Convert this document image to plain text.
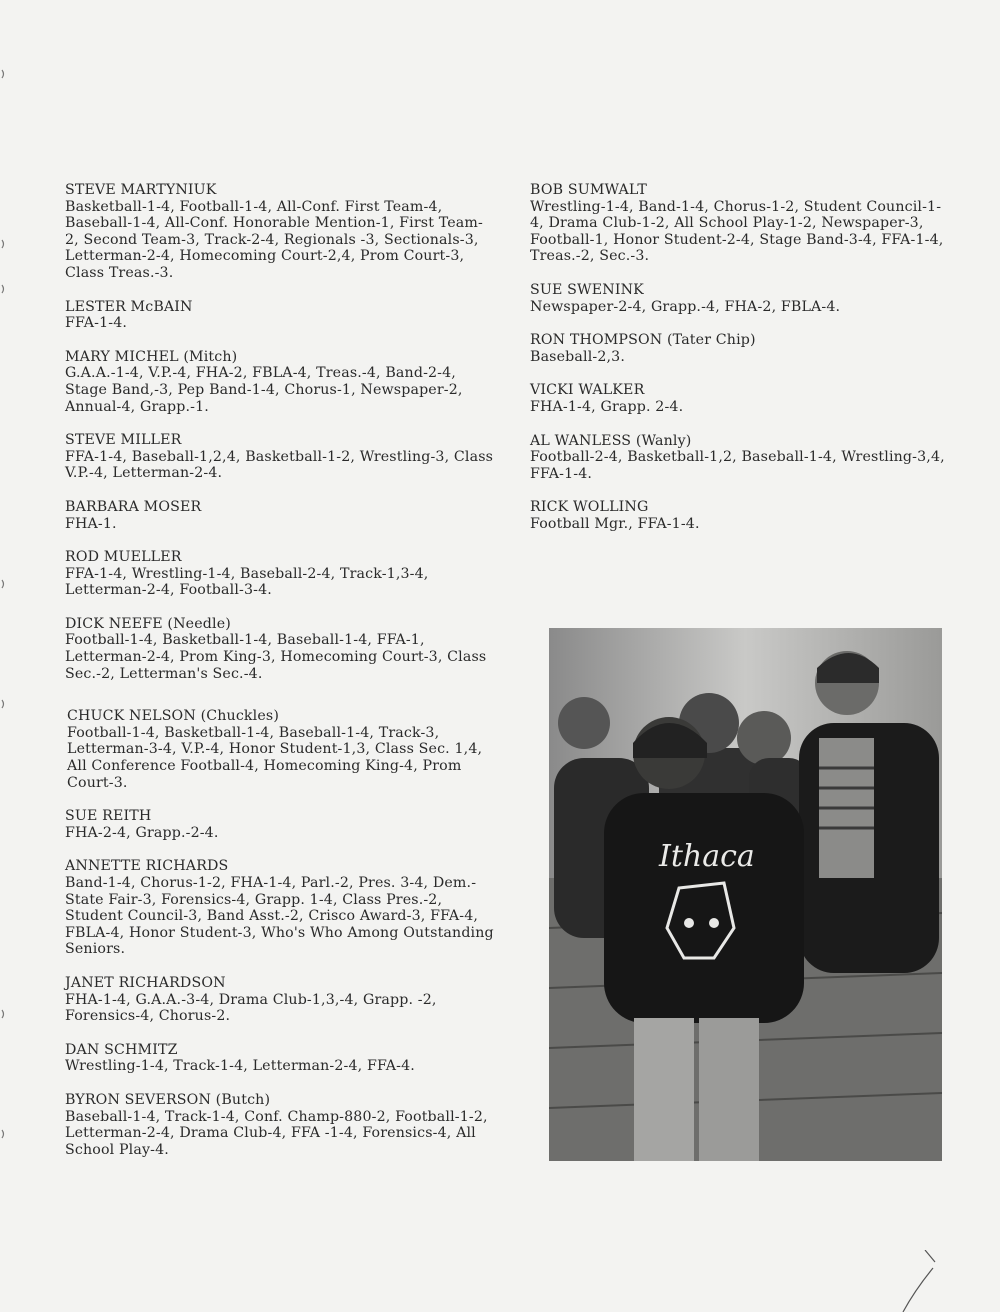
STEVE MARTYNIUK
Basketball-1-4, Football-1-4, All-Conf. First Team-4, Baseball-1-4, All-Conf. Honorable Mention-1, First Team-2, Second Team-3, Track-2-4, Regionals -3, Sectionals-3, Letterman-2-4, Homecoming Court-2,4, Prom Court-3, Class Treas.-3.
LESTER McBAIN
FFA-1-4.
MARY MICHEL (Mitch)
G.A.A.-1-4, V.P.-4, FHA-2, FBLA-4, Treas.-4, Band-2-4, Stage Band,-3, Pep Band-1-4, Chorus-1, Newspaper-2, Annual-4, Grapp.-1.
STEVE MILLER
FFA-1-4, Baseball-1,2,4, Basketball-1-2, Wrestling-3, Class V.P.-4, Letterman-2-4.
BARBARA MOSER
FHA-1.
ROD MUELLER
FFA-1-4, Wrestling-1-4, Baseball-2-4, Track-1,3-4, Letterman-2-4, Football-3-4.
DICK NEEFE (Needle)
Football-1-4, Basketball-1-4, Baseball-1-4, FFA-1, Letterman-2-4, Prom King-3, Homecoming Court-3, Class Sec.-2, Letterman's Sec.-4.
CHUCK NELSON (Chuckles)
Football-1-4, Basketball-1-4, Baseball-1-4, Track-3, Letterman-3-4, V.P.-4, Honor Student-1,3, Class Sec. 1,4, All Conference Football-4, Homecoming King-4, Prom Court-3.
SUE REITH
FHA-2-4, Grapp.-2-4.
ANNETTE RICHARDS
Band-1-4, Chorus-1-2, FHA-1-4, Parl.-2, Pres. 3-4, Dem.-State Fair-3, Forensics-4, Grapp. 1-4, Class Pres.-2, Student Council-3, Band Asst.-2, Crisco Award-3, FFA-4, FBLA-4, Honor Student-3, Who's Who Among Outstanding Seniors.
JANET RICHARDSON
FHA-1-4, G.A.A.-3-4, Drama Club-1,3,-4, Grapp. -2, Forensics-4, Chorus-2.
DAN SCHMITZ
Wrestling-1-4, Track-1-4, Letterman-2-4, FFA-4.
BYRON SEVERSON (Butch)
Baseball-1-4, Track-1-4, Conf. Champ-880-2, Football-1-2, Letterman-2-4, Drama Club-4, FFA -1-4, Forensics-4, All School Play-4.
BOB SUMWALT
Wrestling-1-4, Band-1-4, Chorus-1-2, Student Council-1-4, Drama Club-1-2, All School Play-1-2, Newspaper-3, Football-1, Honor Student-2-4, Stage Band-3-4, FFA-1-4, Treas.-2, Sec.-3.
SUE SWENINK
Newspaper-2-4, Grapp.-4, FHA-2, FBLA-4.
RON THOMPSON (Tater Chip)
Baseball-2,3.
VICKI WALKER
FHA-1-4, Grapp. 2-4.
AL WANLESS (Wanly)
Football-2-4, Basketball-1,2, Baseball-1-4, Wrestling-3,4, FFA-1-4.
RICK WOLLING
Football Mgr., FFA-1-4.
Ithaca
